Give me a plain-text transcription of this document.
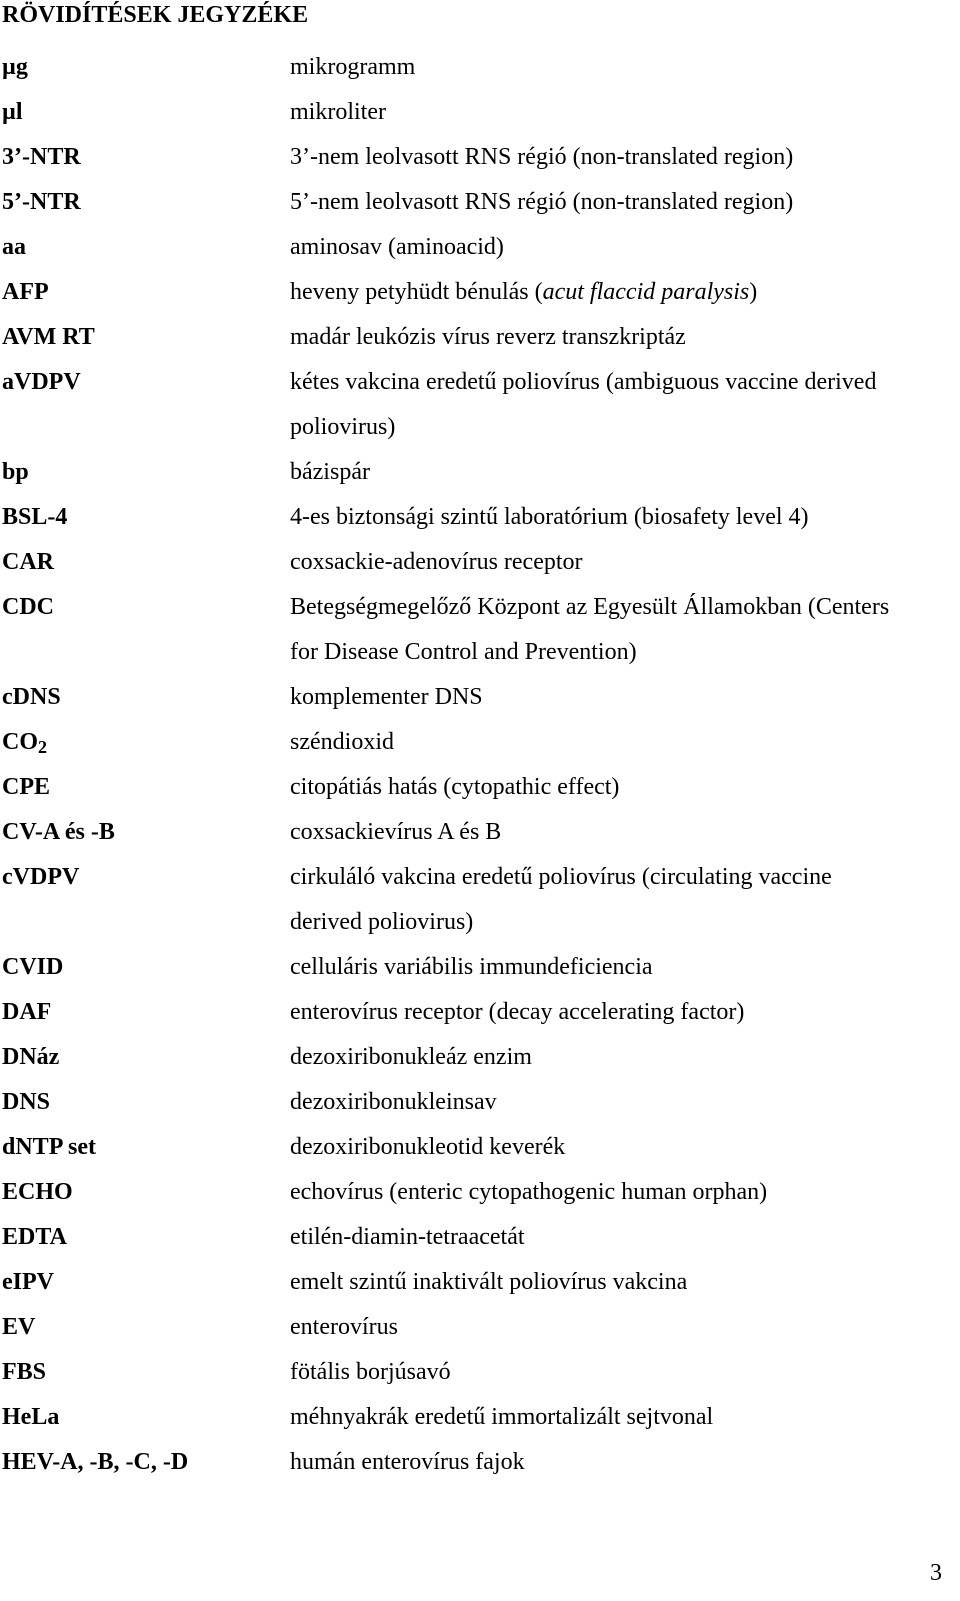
RÖVIDÍTÉSEK JEGYZÉKE
µg	mikrogramm
µl	mikroliter
3’-NTR	3’-nem leolvasott RNS régió (non-translated region)
5’-NTR	5’-nem leolvasott RNS régió (non-translated region)
aa	aminosav (aminoacid)
AFP	heveny petyhüdt bénulás (acut flaccid paralysis)
AVM RT	madár leukózis vírus reverz transzkriptáz
aVDPV	kétes vakcina eredetű poliovírus (ambiguous vaccine derived
poliovirus)
bp	bázispár
BSL-4	4-es biztonsági szintű laboratórium (biosafety level 4)
CAR	coxsackie-adenovírus receptor
CDC	Betegségmegelőző Központ az Egyesült Államokban (Centers
for Disease Control and Prevention)
cDNS	komplementer DNS
$CO_2$	széndioxid
CPE	citopátiás hatás (cytopathic effect)
CV-A és -B	coxsackievírus A és B
cVDPV	cirkuláló vakcina eredetű poliovírus (circulating vaccine
derived poliovirus)
CVID	celluláris variábilis immundeficiencia
DAF	enterovírus receptor (decay accelerating factor)
DNáz	dezoxiribonukleáz enzim
DNS	dezoxiribonukleinsav
dNTP set	dezoxiribonukleotid keverék
ECHO	echovírus (enteric cytopathogenic human orphan)
EDTA	etilén-diamin-tetraacetát
eIPV	emelt szintű inaktivált poliovírus vakcina
EV	enterovírus
FBS	fötális borjúsavó
HeLa	méhnyakrák eredetű immortalizált sejtvonal
HEV-A, -B, -C, -D	humán enterovírus fajok
3
